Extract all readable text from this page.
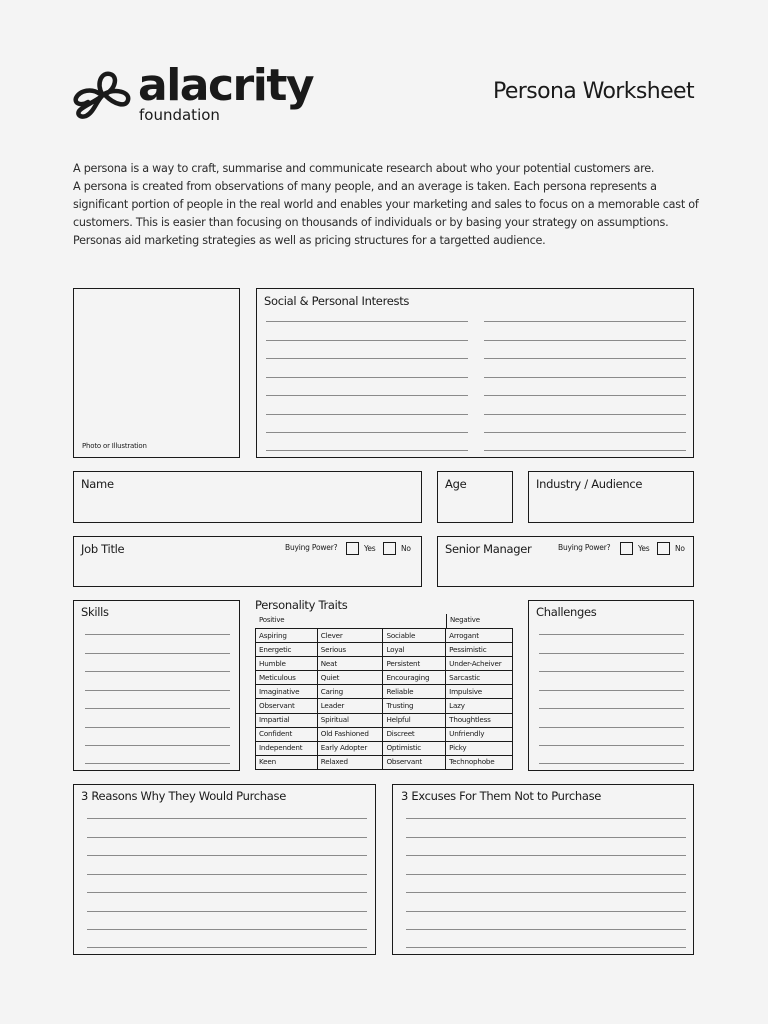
alacrity
foundation
Persona Worksheet

A persona is a way to craft, summarise and communicate research about who your potential customers are.

A persona is created from observations of many people, and an average is taken. Each persona represents a significant portion of people in the real world and enables your marketing and sales to focus on a memorable cast of customers. This is easier than focusing on thousands of individuals or by basing your strategy on assumptions.

Personas aid marketing strategies as well as pricing structures for a targetted audience.

Photo or Illustration
Social & Personal Interests
Name	Age	Industry / Audience
Job Title	Buying Power?	Yes	No	Senior Manager	Buying Power?	Yes	No
Skills	Personality Traits
Positive	Negative
Aspiring	Clever	Sociable	Arrogant
Energetic	Serious	Loyal	Pessimistic
Humble	Neat	Persistent	Under-Acheiver
Meticulous	Quiet	Encouraging	Sarcastic
Imaginative	Caring	Reliable	Impulsive
Observant	Leader	Trusting	Lazy
Impartial	Spiritual	Helpful	Thoughtless
Confident	Old Fashioned	Discreet	Unfriendly
Independent	Early Adopter	Optimistic	Picky
Keen	Relaxed	Observant	Technophobe
Challenges
3 Reasons Why They Would Purchase	3 Excuses For Them Not to Purchase
